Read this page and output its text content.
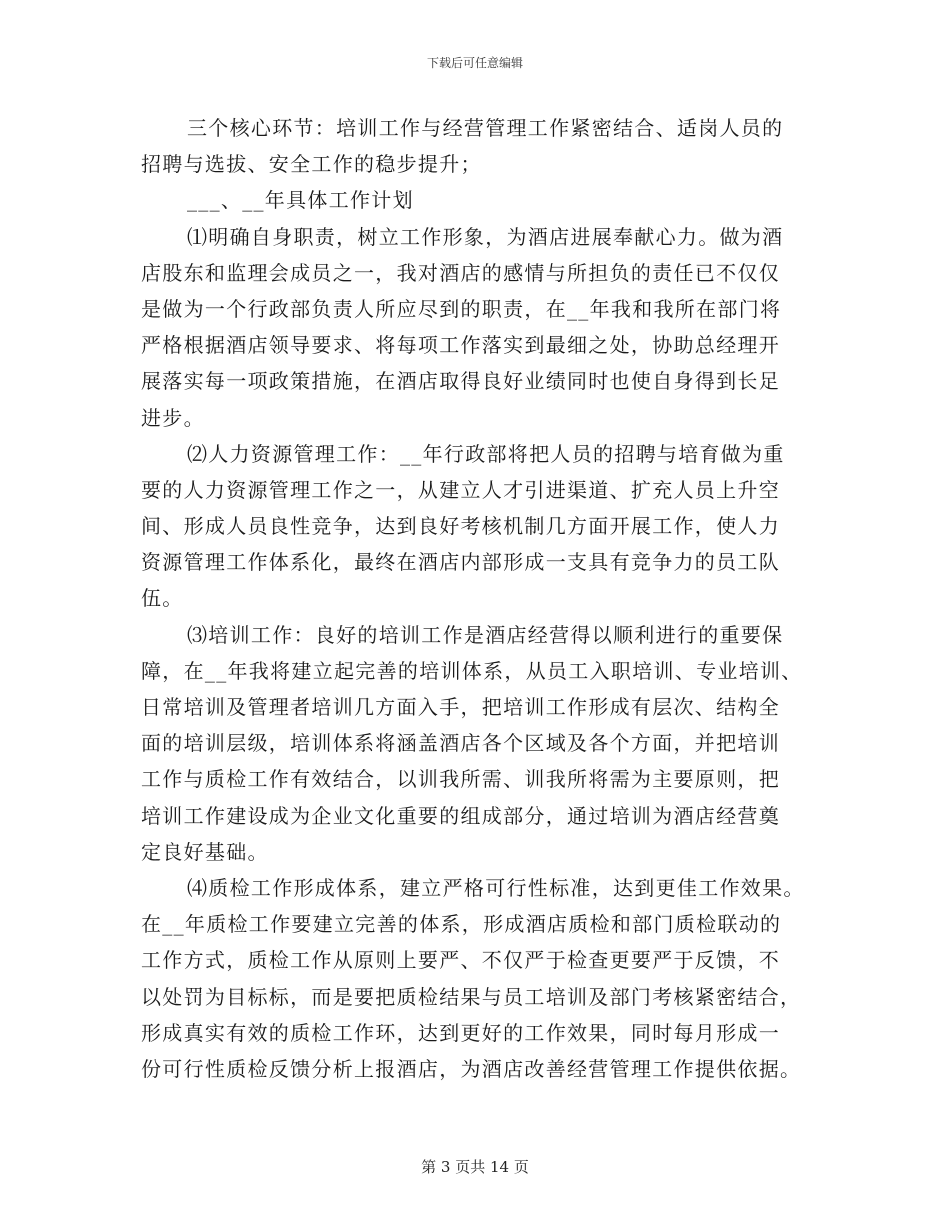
下载后可任意编辑
三个核心环节：培训工作与经营管理工作紧密结合、适岗人员的
招聘与选拔、安全工作的稳步提升；
___、__年具体工作计划
⑴明确自身职责，树立工作形象，为酒店进展奉献心力。做为酒
店股东和监理会成员之一，我对酒店的感情与所担负的责任已不仅仅
是做为一个行政部负责人所应尽到的职责，在__年我和我所在部门将
严格根据酒店领导要求、将每项工作落实到最细之处，协助总经理开
展落实每一项政策措施，在酒店取得良好业绩同时也使自身得到长足
进步。
⑵人力资源管理工作：__年行政部将把人员的招聘与培育做为重
要的人力资源管理工作之一，从建立人才引进渠道、扩充人员上升空
间、形成人员良性竞争，达到良好考核机制几方面开展工作，使人力
资源管理工作体系化，最终在酒店内部形成一支具有竞争力的员工队
伍。
⑶培训工作：良好的培训工作是酒店经营得以顺利进行的重要保
障，在__年我将建立起完善的培训体系，从员工入职培训、专业培训、
日常培训及管理者培训几方面入手，把培训工作形成有层次、结构全
面的培训层级，培训体系将涵盖酒店各个区域及各个方面，并把培训
工作与质检工作有效结合，以训我所需、训我所将需为主要原则，把
培训工作建设成为企业文化重要的组成部分，通过培训为酒店经营奠
定良好基础。
⑷质检工作形成体系，建立严格可行性标准，达到更佳工作效果。
在__年质检工作要建立完善的体系，形成酒店质检和部门质检联动的
工作方式，质检工作从原则上要严、不仅严于检查更要严于反馈，不
以处罚为目标标，而是要把质检结果与员工培训及部门考核紧密结合，
形成真实有效的质检工作环，达到更好的工作效果，同时每月形成一
份可行性质检反馈分析上报酒店，为酒店改善经营管理工作提供依据。
第 3 页共 14 页
